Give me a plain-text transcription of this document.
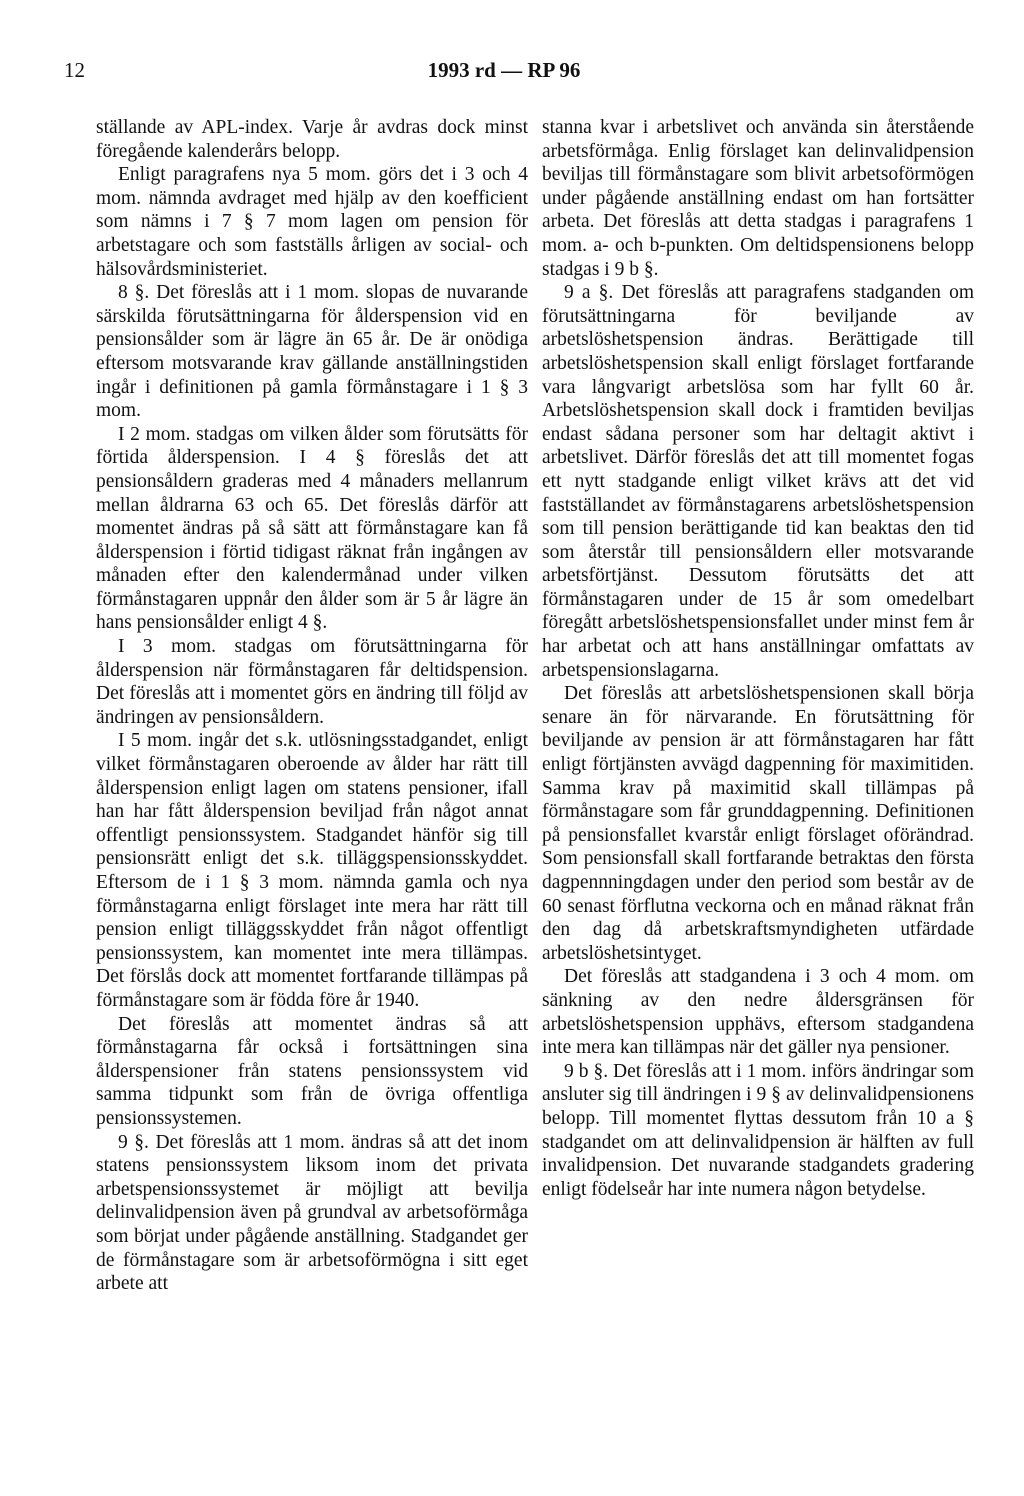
12	1993 rd — RP 96

ställande av APL-index. Varje år avdras dock minst föregående kalenderårs belopp.

Enligt paragrafens nya 5 mom. görs det i 3 och 4 mom. nämnda avdraget med hjälp av den koefficient som nämns i 7 § 7 mom lagen om pension för arbetstagare och som fastställs årligen av social- och hälsovårdsministeriet.

8 §. Det föreslås att i 1 mom. slopas de nuvarande särskilda förutsättningarna för ålderspension vid en pensionsålder som är lägre än 65 år. De är onödiga eftersom motsvarande krav gällande anställningstiden ingår i definitionen på gamla förmånstagare i 1 § 3 mom.

I 2 mom. stadgas om vilken ålder som förutsätts för förtida ålderspension. I 4 § föreslås det att pensionsåldern graderas med 4 månaders mellanrum mellan åldrarna 63 och 65. Det föreslås därför att momentet ändras på så sätt att förmånstagare kan få ålderspension i förtid tidigast räknat från ingången av månaden efter den kalendermånad under vilken förmånstagaren uppnår den ålder som är 5 år lägre än hans pensionsålder enligt 4 §.

I 3 mom. stadgas om förutsättningarna för ålderspension när förmånstagaren får deltidspension. Det föreslås att i momentet görs en ändring till följd av ändringen av pensionsåldern.

I 5 mom. ingår det s.k. utlösningsstadgandet, enligt vilket förmånstagaren oberoende av ålder har rätt till ålderspension enligt lagen om statens pensioner, ifall han har fått ålderspension beviljad från något annat offentligt pensionssystem. Stadgandet hänför sig till pensionsrätt enligt det s.k. tilläggspensionsskyddet. Eftersom de i 1 § 3 mom. nämnda gamla och nya förmånstagarna enligt förslaget inte mera har rätt till pension enligt tilläggsskyddet från något offentligt pensionssystem, kan momentet inte mera tillämpas. Det förslås dock att momentet fortfarande tillämpas på förmånstagare som är födda före år 1940.

Det föreslås att momentet ändras så att förmånstagarna får också i fortsättningen sina ålderspensioner från statens pensionssystem vid samma tidpunkt som från de övriga offentliga pensionssystemen.

9 §. Det föreslås att 1 mom. ändras så att det inom statens pensionssystem liksom inom det privata arbetspensionssystemet är möjligt att bevilja delinvalidpension även på grundval av arbetsoförmåga som börjat under pågående anställning. Stadgandet ger de förmånstagare som är arbetsoförmögna i sitt eget arbete att

stanna kvar i arbetslivet och använda sin återstående arbetsförmåga. Enlig förslaget kan delinvalidpension beviljas till förmånstagare som blivit arbetsoförmögen under pågående anställning endast om han fortsätter arbeta. Det föreslås att detta stadgas i paragrafens 1 mom. a- och b-punkten. Om deltidspensionens belopp stadgas i 9 b §.

9 a §. Det föreslås att paragrafens stadganden om förutsättningarna för beviljande av arbetslöshetspension ändras. Berättigade till arbetslöshetspension skall enligt förslaget fortfarande vara långvarigt arbetslösa som har fyllt 60 år. Arbetslöshetspension skall dock i framtiden beviljas endast sådana personer som har deltagit aktivt i arbetslivet. Därför föreslås det att till momentet fogas ett nytt stadgande enligt vilket krävs att det vid fastställandet av förmånstagarens arbetslöshetspension som till pension berättigande tid kan beaktas den tid som återstår till pensionsåldern eller motsvarande arbetsförtjänst. Dessutom förutsätts det att förmånstagaren under de 15 år som omedelbart föregått arbetslöshetspensionsfallet under minst fem år har arbetat och att hans anställningar omfattats av arbetspensionslagarna.

Det föreslås att arbetslöshetspensionen skall börja senare än för närvarande. En förutsättning för beviljande av pension är att förmånstagaren har fått enligt förtjänsten avvägd dagpenning för maximitiden. Samma krav på maximitid skall tillämpas på förmånstagare som får grunddagpenning. Definitionen på pensionsfallet kvarstår enligt förslaget oförändrad. Som pensionsfall skall fortfarande betraktas den första dagpennningdagen under den period som består av de 60 senast förflutna veckorna och en månad räknat från den dag då arbetskraftsmyndigheten utfärdade arbetslöshetsintyget.

Det föreslås att stadgandena i 3 och 4 mom. om sänkning av den nedre åldersgränsen för arbetslöshetspension upphävs, eftersom stadgandena inte mera kan tillämpas när det gäller nya pensioner.

9 b §. Det föreslås att i 1 mom. införs ändringar som ansluter sig till ändringen i 9 § av delinvalidpensionens belopp. Till momentet flyttas dessutom från 10 a § stadgandet om att delinvalidpension är hälften av full invalidpension. Det nuvarande stadgandets gradering enligt födelseår har inte numera någon betydelse.
